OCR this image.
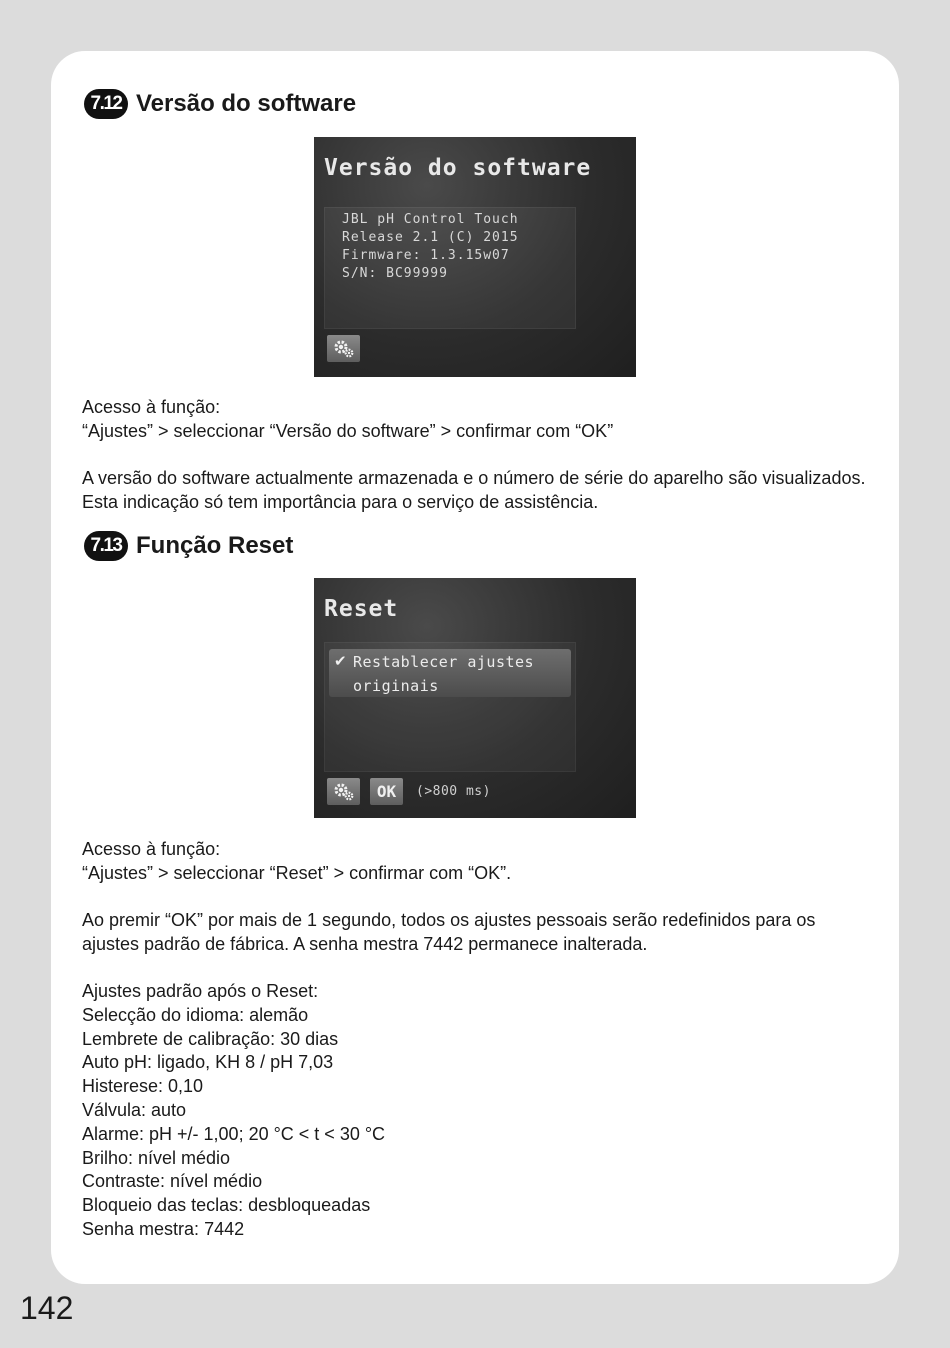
7.12 Versão do software
Versão do software
JBL pH Control Touch
Release 2.1 (C) 2015
Firmware: 1.3.15w07
S/N: BC99999

Acesso à função:

“Ajustes” > seleccionar “Versão do software” > confirmar com “OK”

A versão do software actualmente armazenada e o número de série do aparelho são visualizados. Esta indicação só tem importância para o serviço de assistência.

7.13 Função Reset
Reset
✔ Restablecer ajustes originais
OK	(>800 ms)

Acesso à função:

“Ajustes” > seleccionar “Reset” > confirmar com “OK”.

Ao premir “OK” por mais de 1 segundo, todos os ajustes pessoais serão redefinidos para os ajustes padrão de fábrica. A senha mestra 7442 permanece inalterada.

Ajustes padrão após o Reset:
Selecção do idioma: alemão
Lembrete de calibração: 30 dias
Auto pH: ligado, KH 8 / pH 7,03
Histerese: 0,10
Válvula: auto
Alarme: pH +/- 1,00; 20 °C < t < 30 °C
Brilho: nível médio
Contraste: nível médio
Bloqueio das teclas: desbloqueadas
Senha mestra: 7442
142
